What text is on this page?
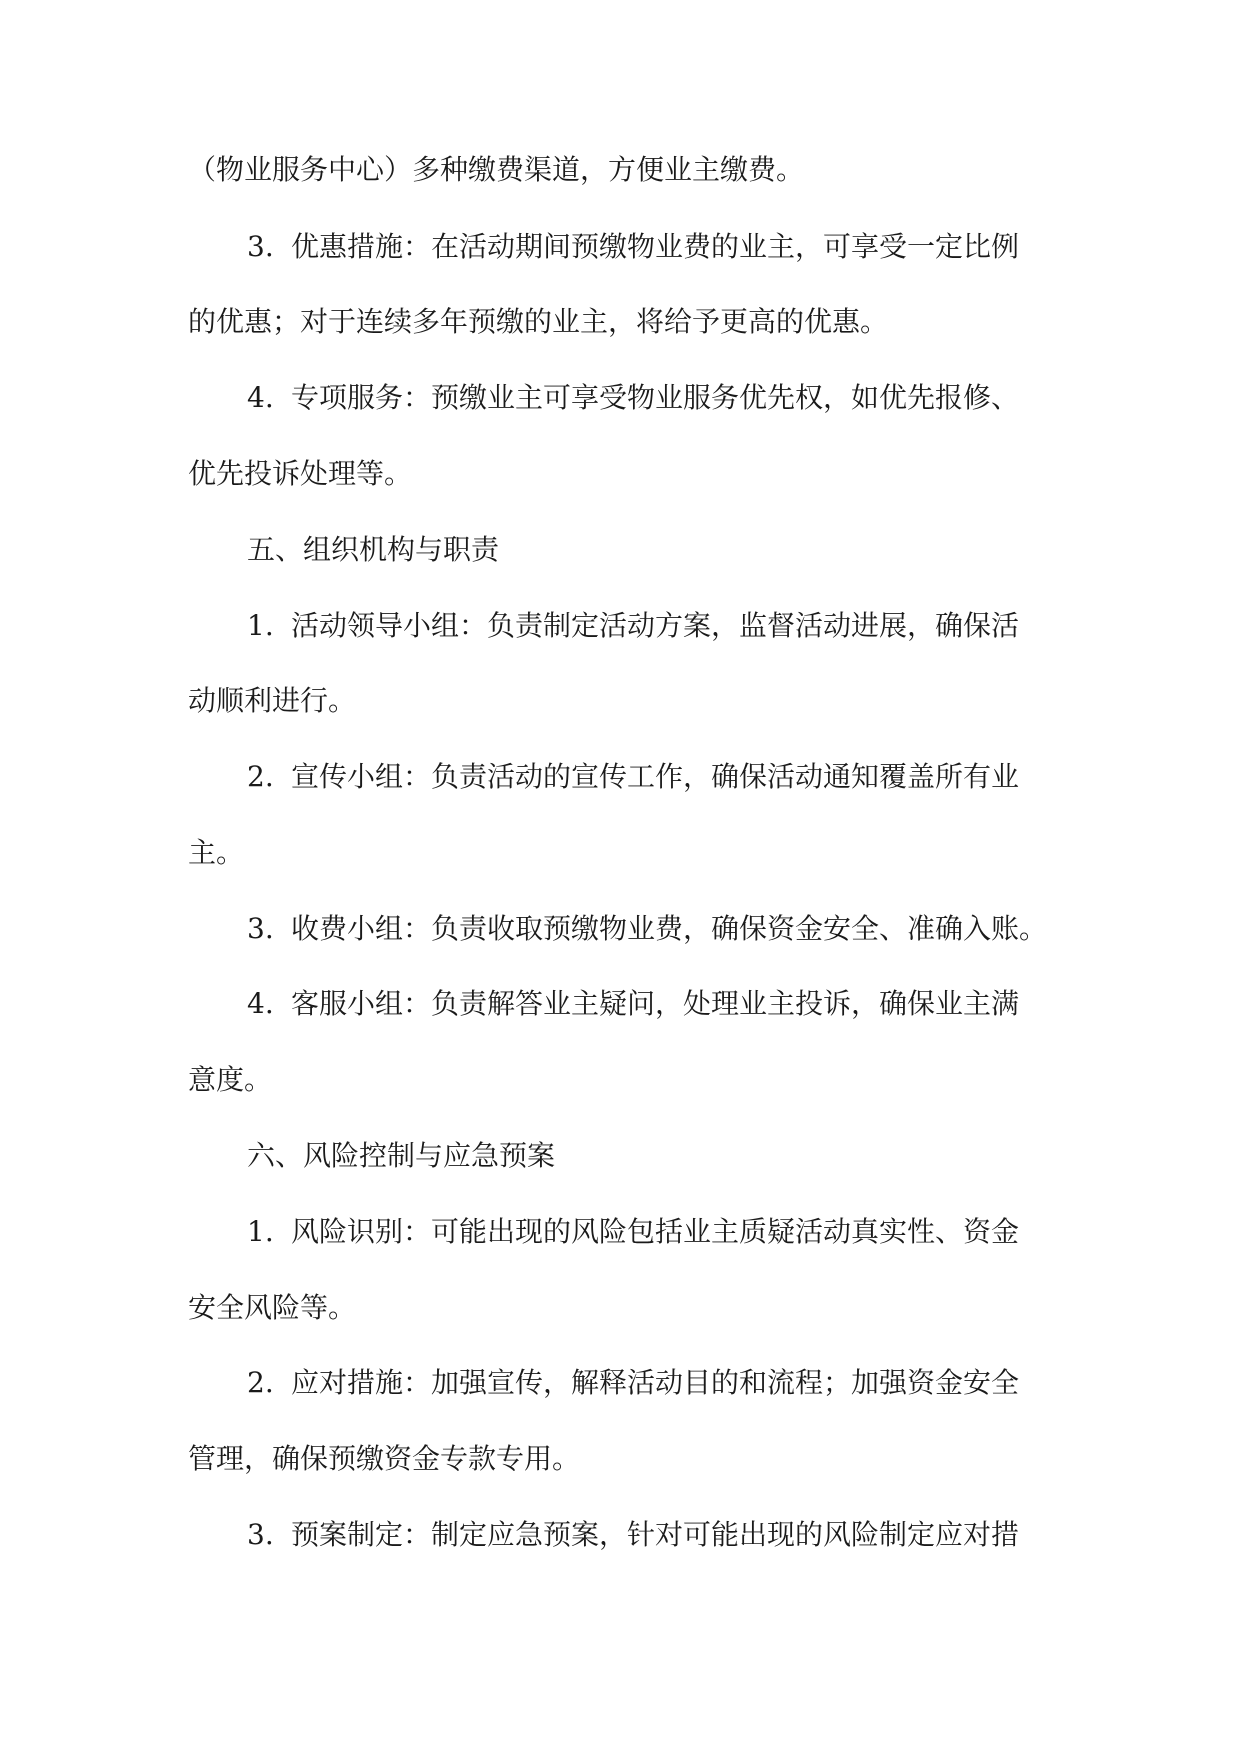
（物业服务中心）多种缴费渠道，方便业主缴费。
3. 优惠措施：在活动期间预缴物业费的业主，可享受一定比例
的优惠；对于连续多年预缴的业主，将给予更高的优惠。
4. 专项服务：预缴业主可享受物业服务优先权，如优先报修、
优先投诉处理等。
五、组织机构与职责
1. 活动领导小组：负责制定活动方案，监督活动进展，确保活
动顺利进行。
2. 宣传小组：负责活动的宣传工作，确保活动通知覆盖所有业
主。
3. 收费小组：负责收取预缴物业费，确保资金安全、准确入账。
4. 客服小组：负责解答业主疑问，处理业主投诉，确保业主满
意度。
六、风险控制与应急预案
1. 风险识别：可能出现的风险包括业主质疑活动真实性、资金
安全风险等。
2. 应对措施：加强宣传，解释活动目的和流程；加强资金安全
管理，确保预缴资金专款专用。
3. 预案制定：制定应急预案，针对可能出现的风险制定应对措
